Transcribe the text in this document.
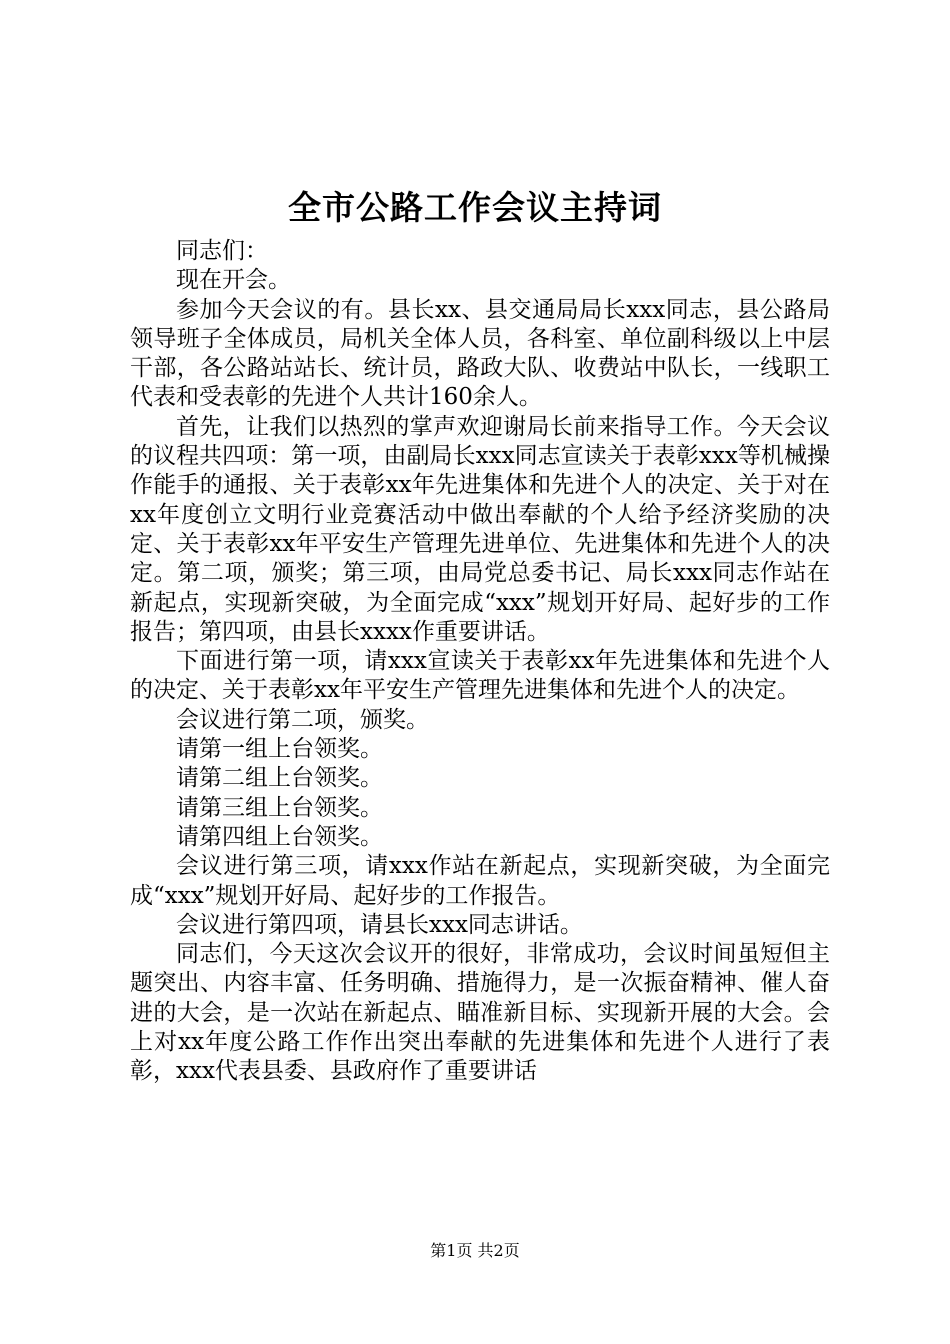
全市公路工作会议主持词

同志们：

现在开会。

参加今天会议的有。县长xx、县交通局局长xxx同志，县公路局领导班子全体成员，局机关全体人员，各科室、单位副科级以上中层干部，各公路站站长、统计员，路政大队、收费站中队长，一线职工代表和受表彰的先进个人共计160余人。

首先，让我们以热烈的掌声欢迎谢局长前来指导工作。今天会议的议程共四项：第一项，由副局长xxx同志宣读关于表彰xxx等机械操作能手的通报、关于表彰xx年先进集体和先进个人的决定、关于对在xx年度创立文明行业竞赛活动中做出奉献的个人给予经济奖励的决定、关于表彰xx年平安生产管理先进单位、先进集体和先进个人的决定。第二项，颁奖；第三项，由局党总委书记、局长xxx同志作站在新起点，实现新突破，为全面完成“xxx”规划开好局、起好步的工作报告；第四项，由县长xxxx作重要讲话。

下面进行第一项，请xxx宣读关于表彰xx年先进集体和先进个人的决定、关于表彰xx年平安生产管理先进集体和先进个人的决定。

会议进行第二项，颁奖。

请第一组上台领奖。

请第二组上台领奖。

请第三组上台领奖。

请第四组上台领奖。

会议进行第三项，请xxx作站在新起点，实现新突破，为全面完成“xxx”规划开好局、起好步的工作报告。

会议进行第四项，请县长xxx同志讲话。

同志们，今天这次会议开的很好，非常成功，会议时间虽短但主题突出、内容丰富、任务明确、措施得力，是一次振奋精神、催人奋进的大会，是一次站在新起点、瞄准新目标、实现新开展的大会。会上对xx年度公路工作作出突出奉献的先进集体和先进个人进行了表彰，xxx代表县委、县政府作了重要讲话

第1页 共2页
